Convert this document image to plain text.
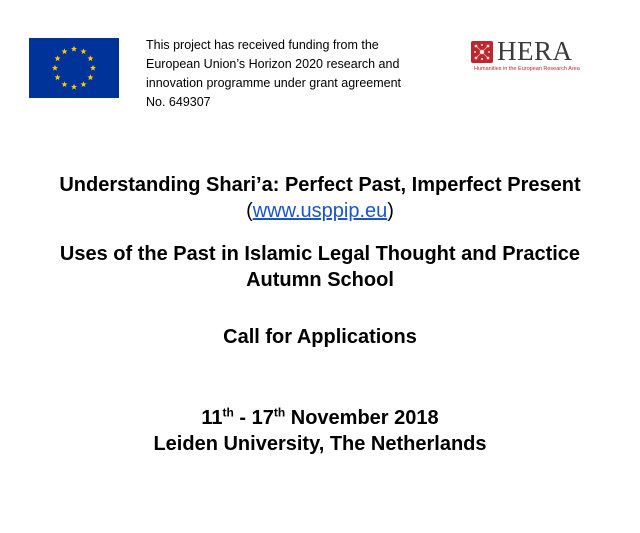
This project has received funding from the
European Union’s Horizon 2020 research and
innovation programme under grant agreement
No. 649307
HERA
Humanities in the European Research Area

Understanding Shari’a: Perfect Past, Imperfect Present

(www.usppip.eu)

Uses of the Past in Islamic Legal Thought and Practice

Autumn School

Call for Applications

11th - 17th November 2018

Leiden University, The Netherlands
